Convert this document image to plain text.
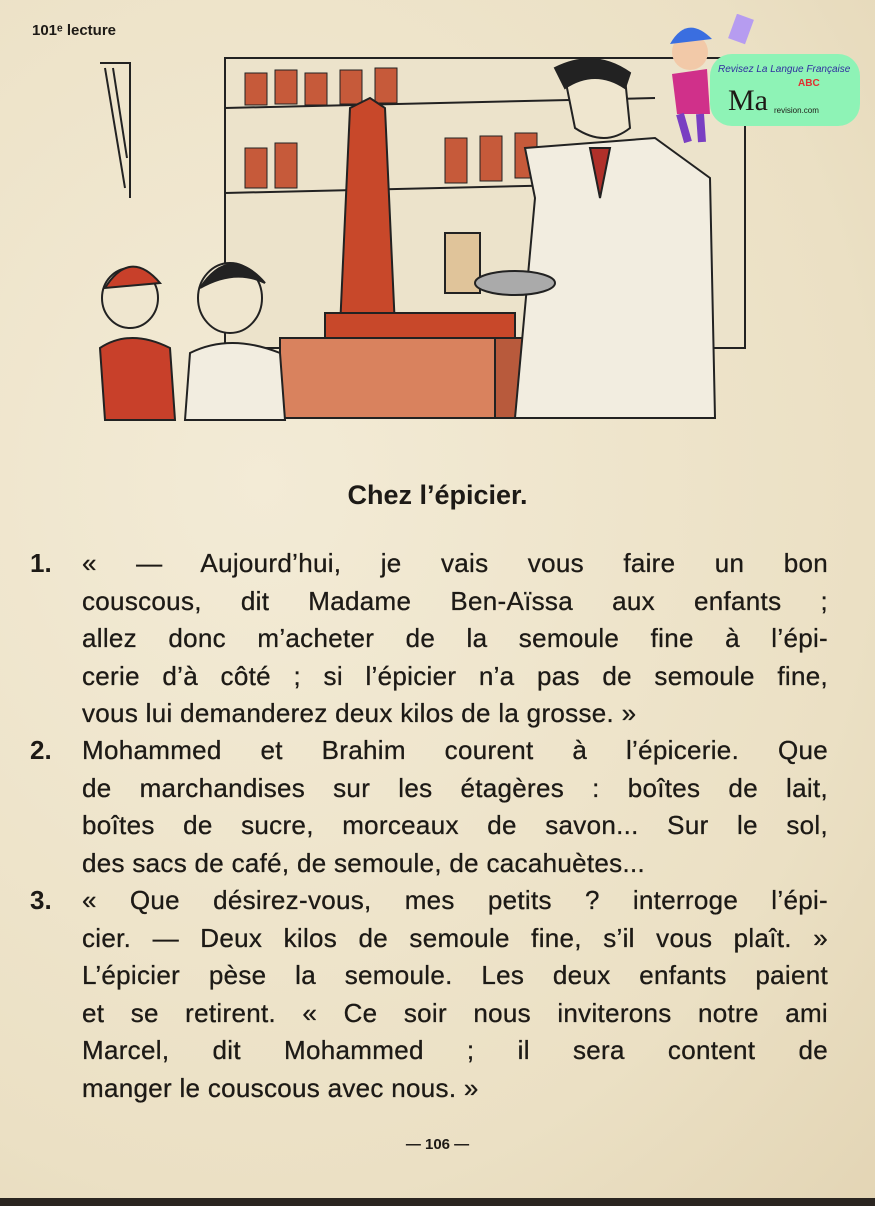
101ᵉ lecture
Revisez La Langue Française
Ma
ABC
revision.com
Chez l’épicier.
1. « — Aujourd’hui, je vais vous faire un bon
couscous, dit Madame Ben-Aïssa aux enfants ;
allez donc m’acheter de la semoule fine à l’épi-
cerie d’à côté ; si l’épicier n’a pas de semoule fine,
vous lui demanderez deux kilos de la grosse. »
2. Mohammed et Brahim courent à l’épicerie. Que
de marchandises sur les étagères : boîtes de lait,
boîtes de sucre, morceaux de savon... Sur le sol,
des sacs de café, de semoule, de cacahuètes...
3. « Que désirez-vous, mes petits ? interroge l’épi-
cier. — Deux kilos de semoule fine, s’il vous plaît. »
L’épicier pèse la semoule. Les deux enfants paient
et se retirent. « Ce soir nous inviterons notre ami
Marcel, dit Mohammed ; il sera content de
manger le couscous avec nous. »
— 106 —
